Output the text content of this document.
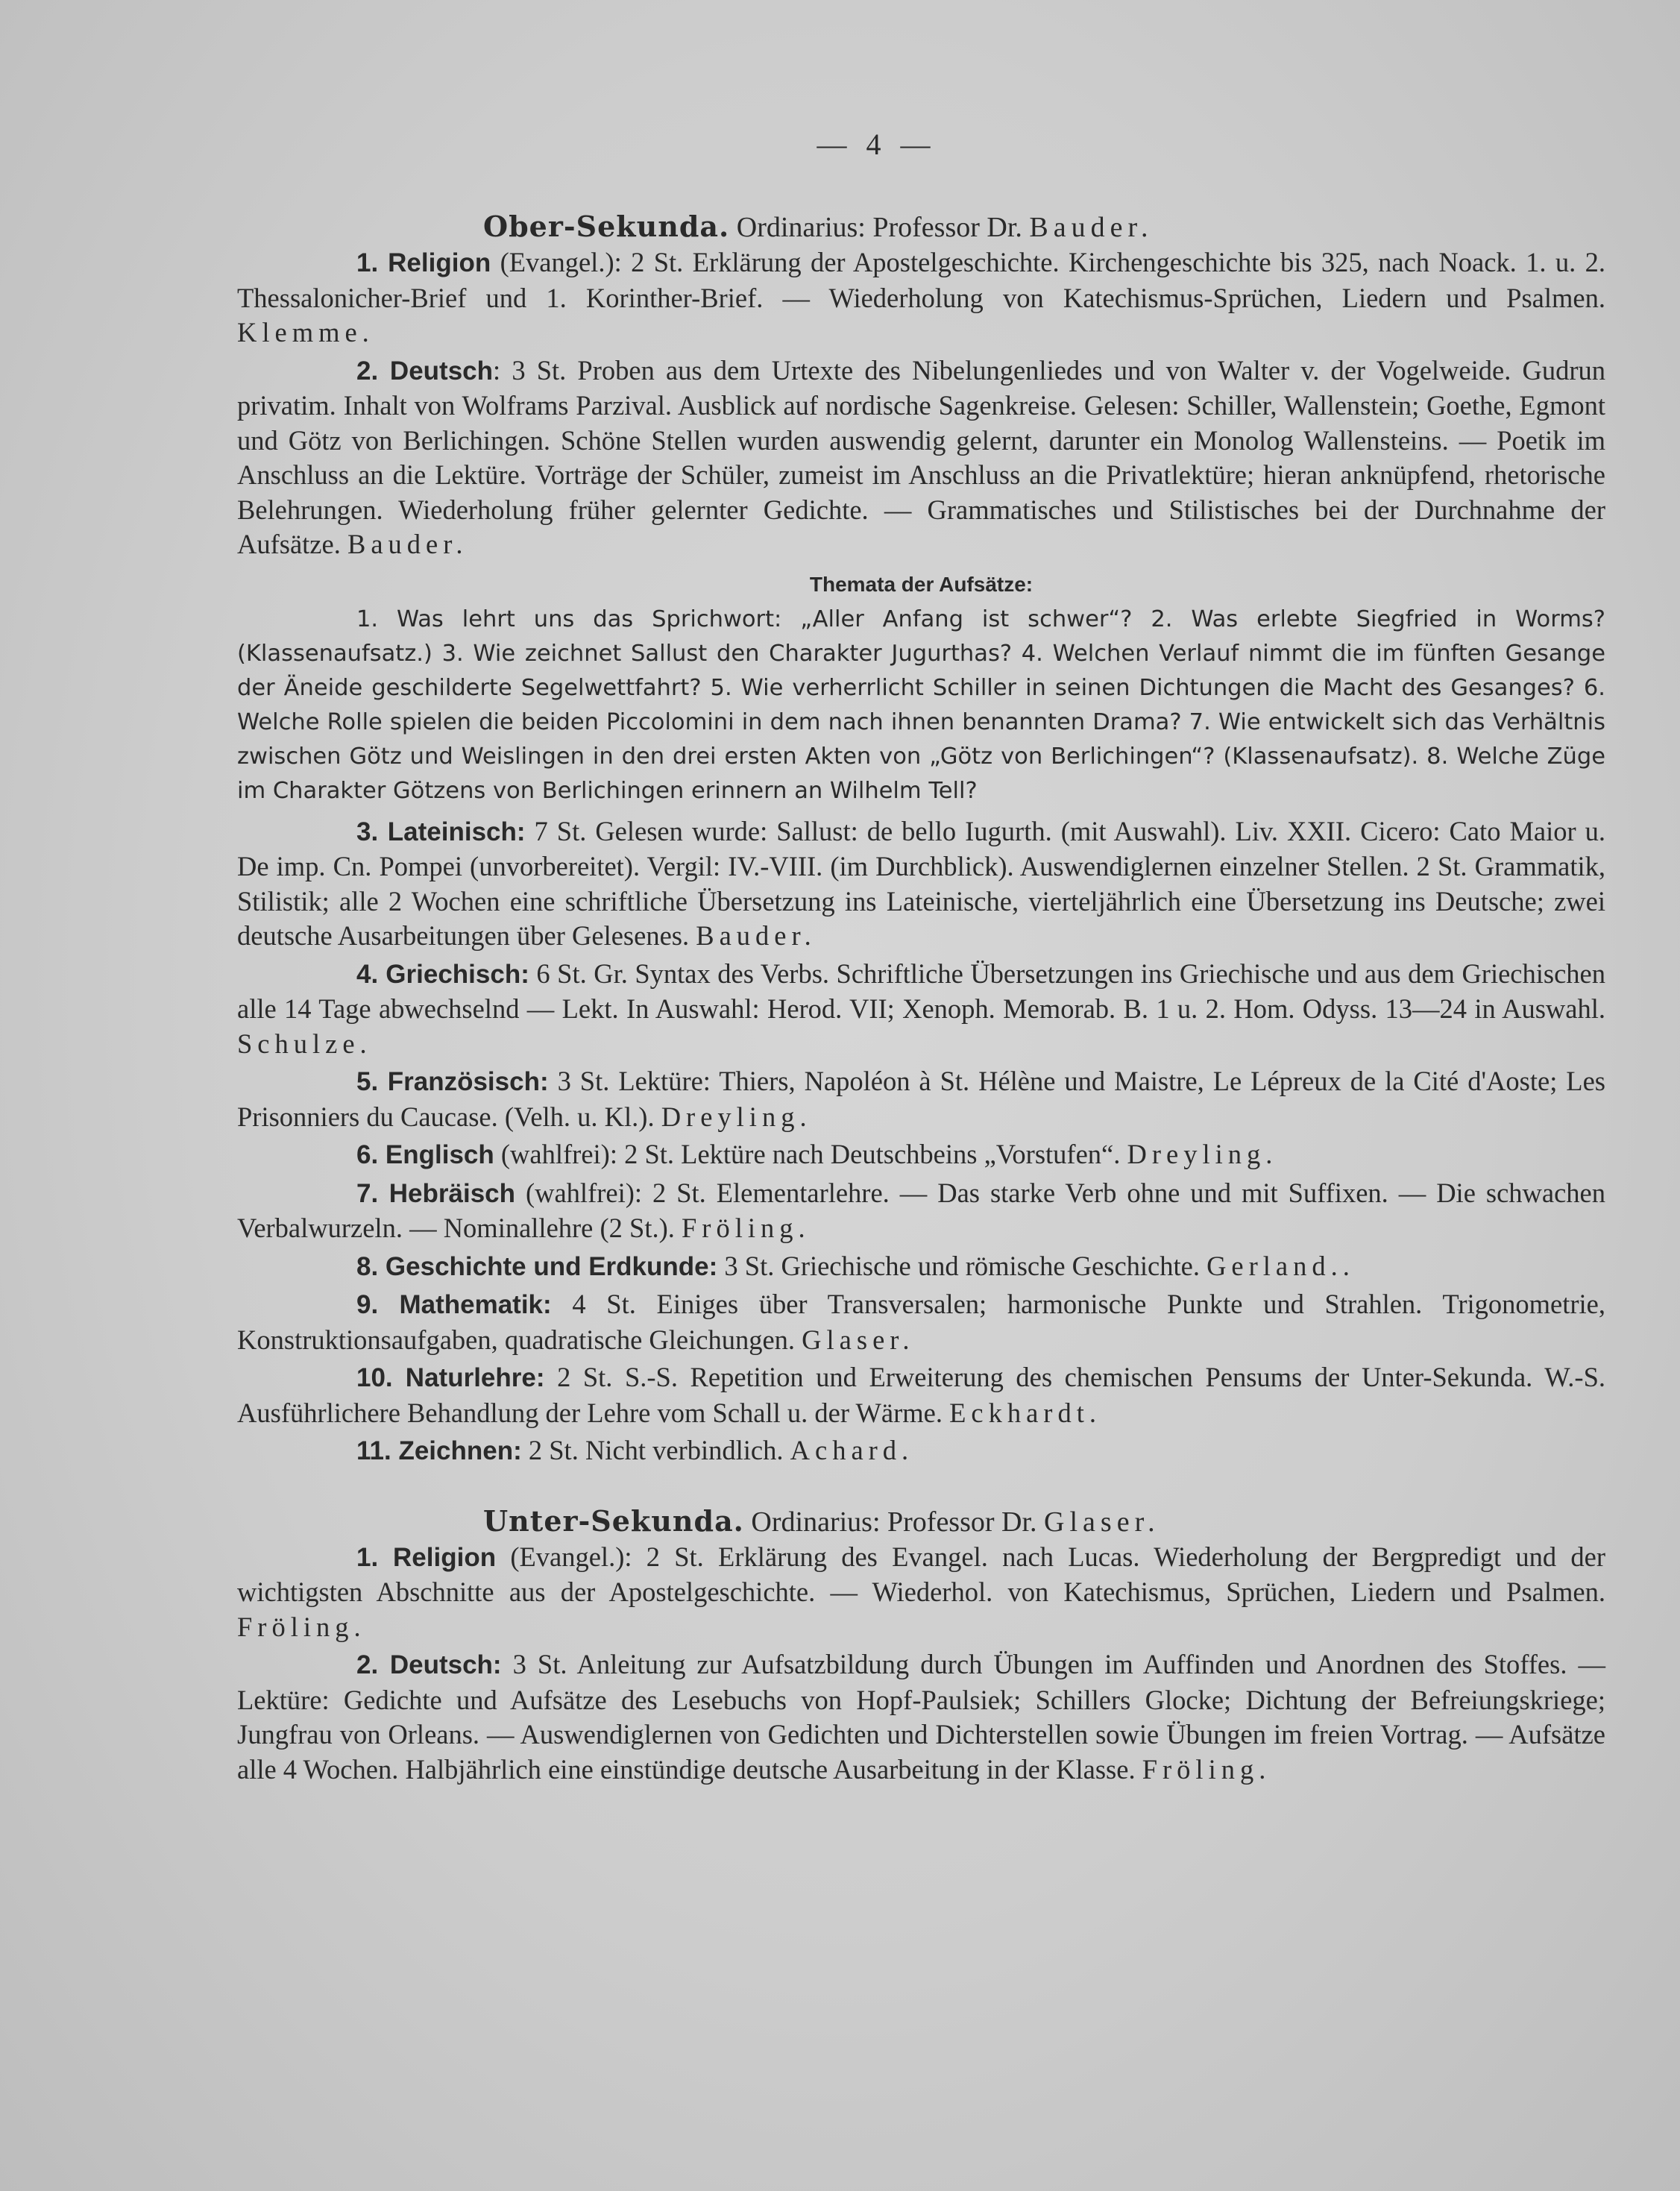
— 4 —
Ober-Sekunda. Ordinarius: Professor Dr. Bauder.

1. Religion (Evangel.): 2 St. Erklärung der Apostelgeschichte. Kirchengeschichte bis 325, nach Noack. 1. u. 2. Thessalonicher-Brief und 1. Korinther-Brief. — Wiederholung von Katechismus-Sprüchen, Liedern und Psalmen. Klemme.

2. Deutsch: 3 St. Proben aus dem Urtexte des Nibelungenliedes und von Walter v. der Vogelweide. Gudrun privatim. Inhalt von Wolframs Parzival. Ausblick auf nordische Sagenkreise. Gelesen: Schiller, Wallenstein; Goethe, Egmont und Götz von Berlichingen. Schöne Stellen wurden auswendig gelernt, darunter ein Monolog Wallensteins. — Poetik im Anschluss an die Lektüre. Vorträge der Schüler, zumeist im Anschluss an die Privatlektüre; hieran anknüpfend, rhetorische Belehrungen. Wiederholung früher gelernter Gedichte. — Grammatisches und Stilistisches bei der Durchnahme der Aufsätze. Bauder.

Themata der Aufsätze:

1. Was lehrt uns das Sprichwort: „Aller Anfang ist schwer“? 2. Was erlebte Siegfried in Worms? (Klassenaufsatz.) 3. Wie zeichnet Sallust den Charakter Jugurthas? 4. Welchen Verlauf nimmt die im fünften Gesange der Äneide geschilderte Segelwettfahrt? 5. Wie verherrlicht Schiller in seinen Dichtungen die Macht des Gesanges? 6. Welche Rolle spielen die beiden Piccolomini in dem nach ihnen benannten Drama? 7. Wie entwickelt sich das Verhältnis zwischen Götz und Weislingen in den drei ersten Akten von „Götz von Berlichingen“? (Klassenaufsatz). 8. Welche Züge im Charakter Götzens von Berlichingen erinnern an Wilhelm Tell?

3. Lateinisch: 7 St. Gelesen wurde: Sallust: de bello Iugurth. (mit Auswahl). Liv. XXII. Cicero: Cato Maior u. De imp. Cn. Pompei (unvorbereitet). Vergil: IV.-VIII. (im Durchblick). Auswendiglernen einzelner Stellen. 2 St. Grammatik, Stilistik; alle 2 Wochen eine schriftliche Übersetzung ins Lateinische, vierteljährlich eine Übersetzung ins Deutsche; zwei deutsche Ausarbeitungen über Gelesenes. Bauder.

4. Griechisch: 6 St. Gr. Syntax des Verbs. Schriftliche Übersetzungen ins Griechische und aus dem Griechischen alle 14 Tage abwechselnd — Lekt. In Auswahl: Herod. VII; Xenoph. Memorab. B. 1 u. 2. Hom. Odyss. 13—24 in Auswahl. Schulze.

5. Französisch: 3 St. Lektüre: Thiers, Napoléon à St. Hélène und Maistre, Le Lépreux de la Cité d'Aoste; Les Prisonniers du Caucase. (Velh. u. Kl.). Dreyling.

6. Englisch (wahlfrei): 2 St. Lektüre nach Deutschbeins „Vorstufen“. Dreyling.

7. Hebräisch (wahlfrei): 2 St. Elementarlehre. — Das starke Verb ohne und mit Suffixen. — Die schwachen Verbalwurzeln. — Nominallehre (2 St.). Fröling.

8. Geschichte und Erdkunde: 3 St. Griechische und römische Geschichte. Gerland..

9. Mathematik: 4 St. Einiges über Transversalen; harmonische Punkte und Strahlen. Trigonometrie, Konstruktionsaufgaben, quadratische Gleichungen. Glaser.

10. Naturlehre: 2 St. S.-S. Repetition und Erweiterung des chemischen Pensums der Unter-Sekunda. W.-S. Ausführlichere Behandlung der Lehre vom Schall u. der Wärme. Eckhardt.

11. Zeichnen: 2 St. Nicht verbindlich. Achard.

Unter-Sekunda. Ordinarius: Professor Dr. Glaser.

1. Religion (Evangel.): 2 St. Erklärung des Evangel. nach Lucas. Wiederholung der Bergpredigt und der wichtigsten Abschnitte aus der Apostelgeschichte. — Wiederhol. von Katechismus, Sprüchen, Liedern und Psalmen. Fröling.

2. Deutsch: 3 St. Anleitung zur Aufsatzbildung durch Übungen im Auffinden und Anordnen des Stoffes. — Lektüre: Gedichte und Aufsätze des Lesebuchs von Hopf-Paulsiek; Schillers Glocke; Dichtung der Befreiungskriege; Jungfrau von Orleans. — Auswendiglernen von Gedichten und Dichterstellen sowie Übungen im freien Vortrag. — Aufsätze alle 4 Wochen. Halbjährlich eine einstündige deutsche Ausarbeitung in der Klasse. Fröling.
